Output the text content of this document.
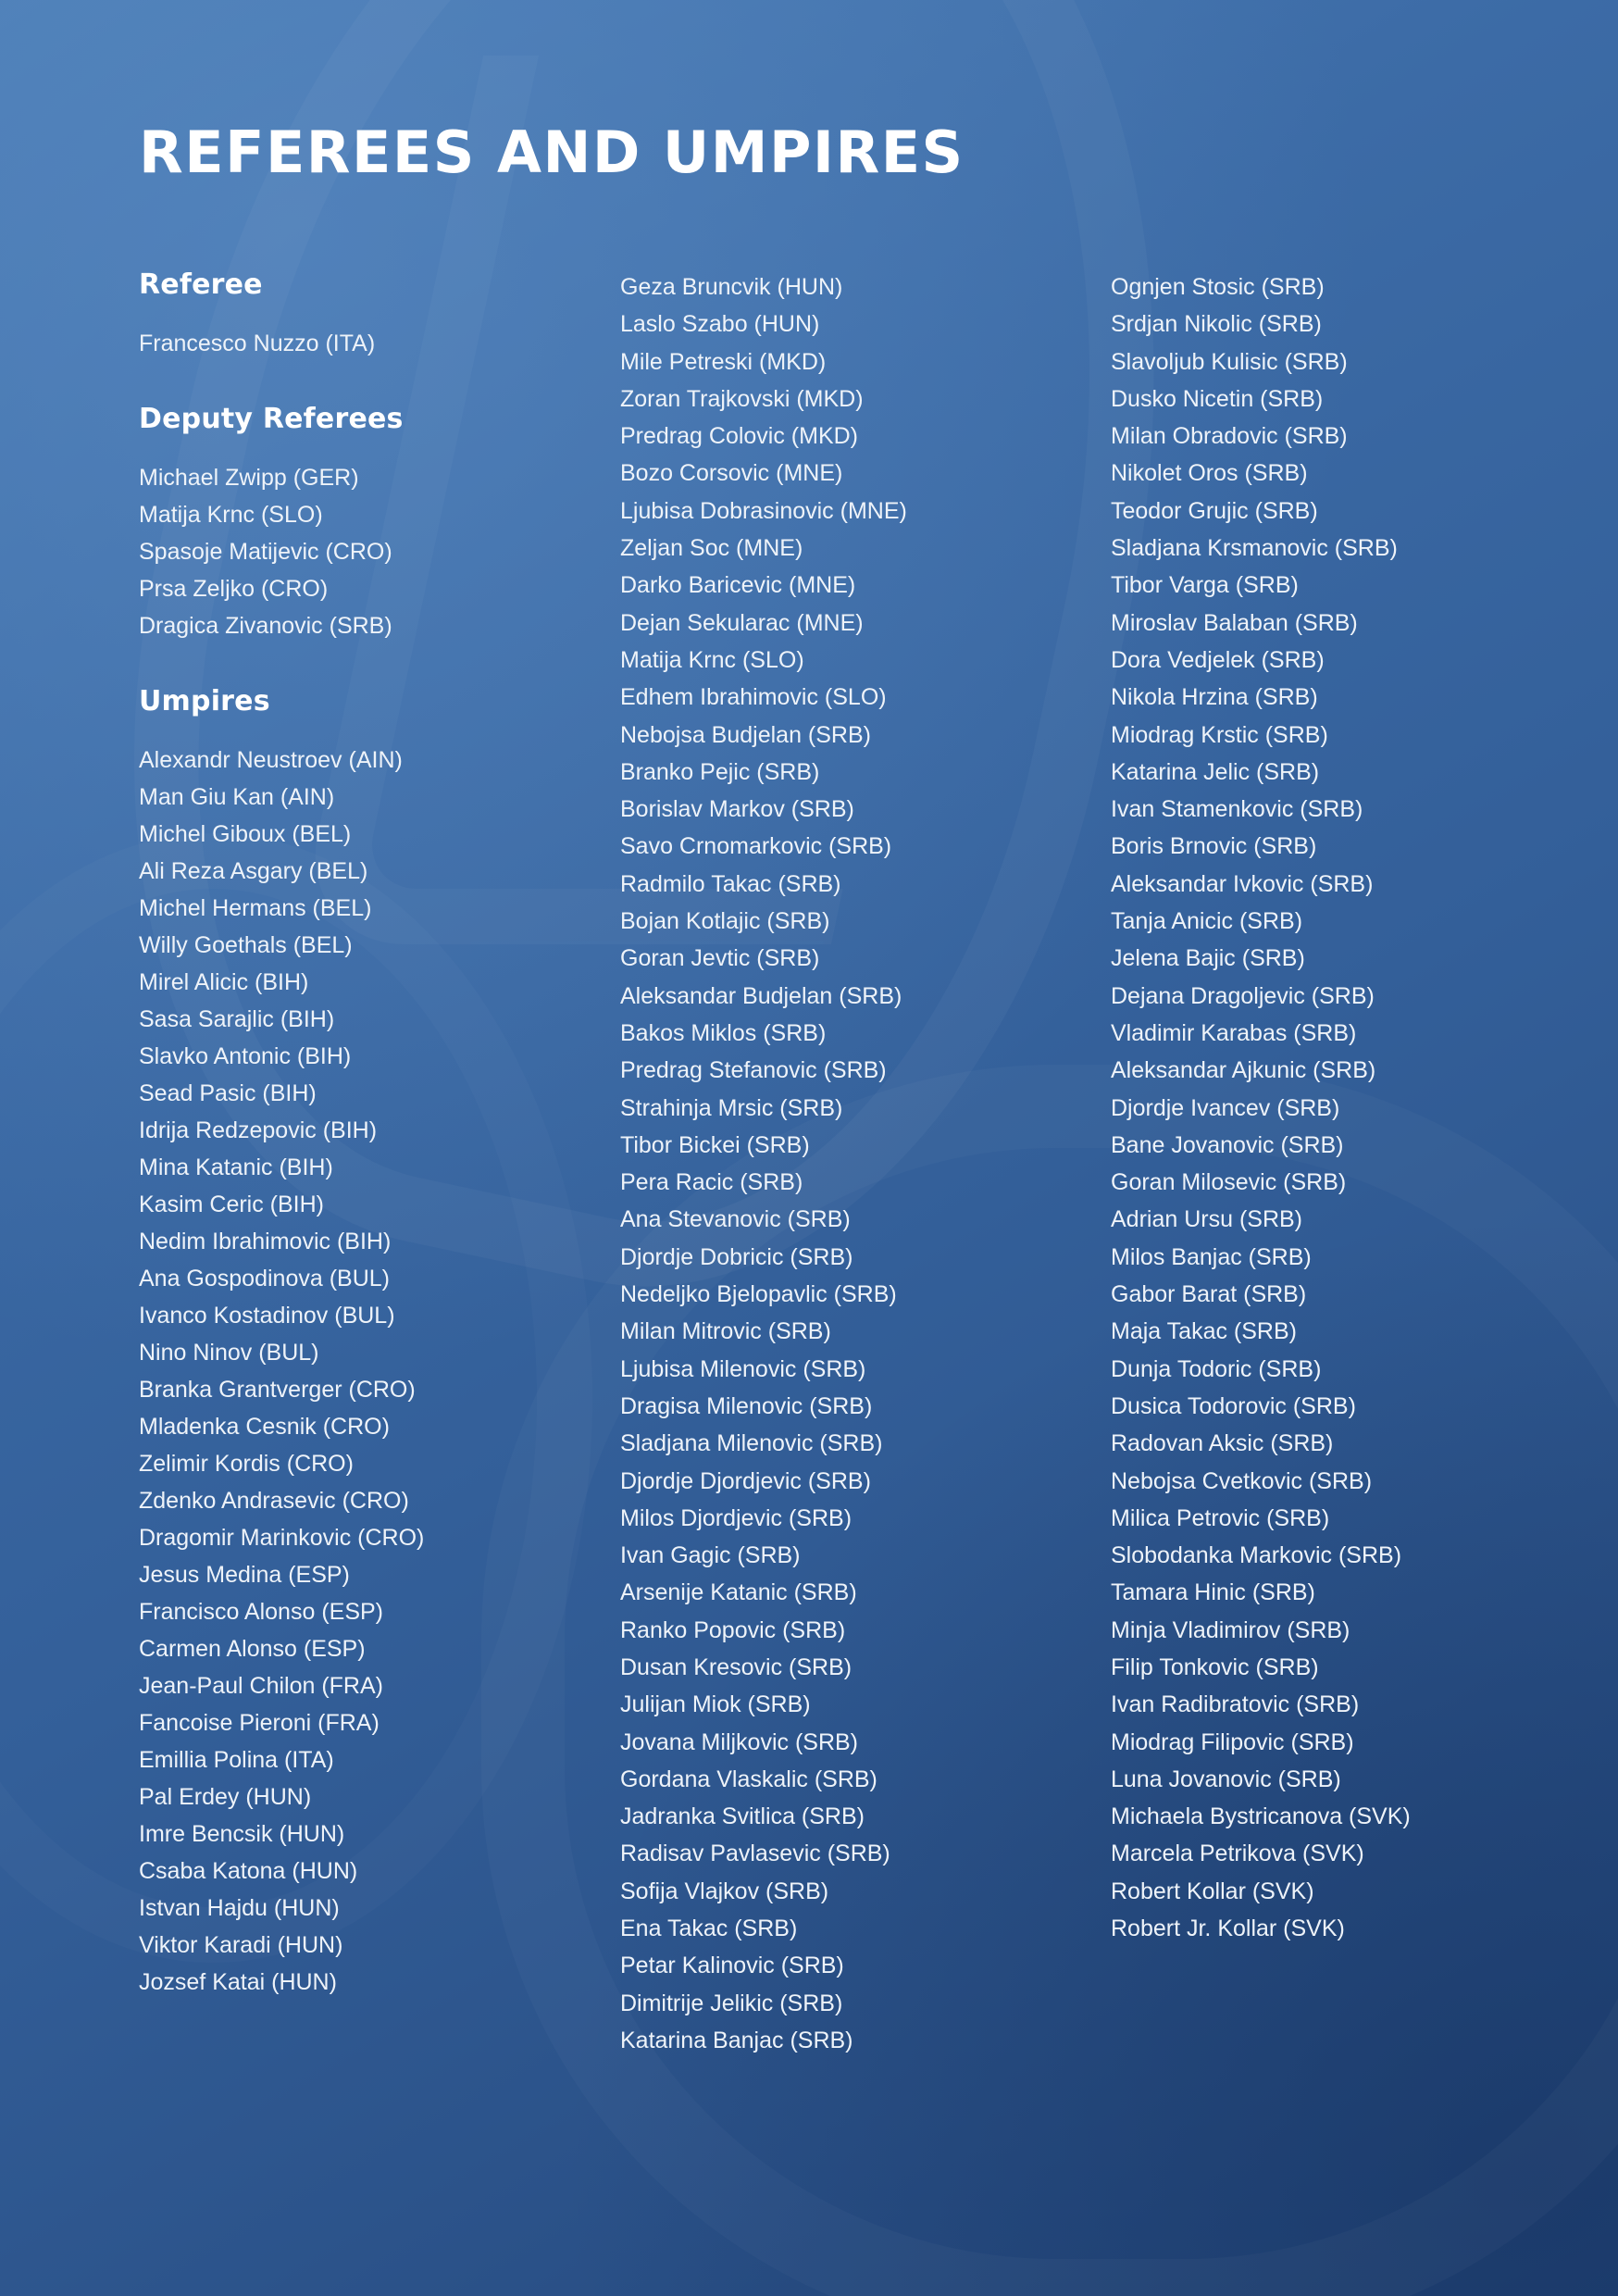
REFEREES AND UMPIRES
Referee
Francesco Nuzzo (ITA)
Deputy Referees
Michael Zwipp (GER)
Matija Krnc (SLO)
Spasoje Matijevic (CRO)
Prsa Zeljko (CRO)
Dragica Zivanovic (SRB)
Umpires
Alexandr Neustroev (AIN)
Man Giu Kan (AIN)
Michel Giboux (BEL)
Ali Reza Asgary (BEL)
Michel Hermans (BEL)
Willy Goethals (BEL)
Mirel Alicic (BIH)
Sasa Sarajlic (BIH)
Slavko Antonic (BIH)
Sead Pasic (BIH)
Idrija Redzepovic (BIH)
Mina Katanic (BIH)
Kasim Ceric (BIH)
Nedim Ibrahimovic (BIH)
Ana Gospodinova (BUL)
Ivanco Kostadinov (BUL)
Nino Ninov (BUL)
Branka Grantverger (CRO)
Mladenka Cesnik (CRO)
Zelimir Kordis (CRO)
Zdenko Andrasevic (CRO)
Dragomir Marinkovic (CRO)
Jesus Medina (ESP)
Francisco Alonso (ESP)
Carmen Alonso (ESP)
Jean-Paul Chilon (FRA)
Fancoise Pieroni (FRA)
Emillia Polina (ITA)
Pal Erdey (HUN)
Imre Bencsik (HUN)
Csaba Katona (HUN)
Istvan Hajdu (HUN)
Viktor Karadi (HUN)
Jozsef Katai (HUN)
Geza Bruncvik (HUN)
Laslo Szabo (HUN)
Mile Petreski (MKD)
Zoran Trajkovski (MKD)
Predrag Colovic (MKD)
Bozo Corsovic (MNE)
Ljubisa Dobrasinovic (MNE)
Zeljan Soc (MNE)
Darko Baricevic (MNE)
Dejan Sekularac (MNE)
Matija Krnc (SLO)
Edhem Ibrahimovic (SLO)
Nebojsa Budjelan (SRB)
Branko Pejic (SRB)
Borislav Markov (SRB)
Savo Crnomarkovic (SRB)
Radmilo Takac (SRB)
Bojan Kotlajic (SRB)
Goran Jevtic (SRB)
Aleksandar Budjelan (SRB)
Bakos Miklos (SRB)
Predrag Stefanovic (SRB)
Strahinja Mrsic (SRB)
Tibor Bickei (SRB)
Pera Racic (SRB)
Ana Stevanovic (SRB)
Djordje Dobricic (SRB)
Nedeljko Bjelopavlic (SRB)
Milan Mitrovic (SRB)
Ljubisa Milenovic (SRB)
Dragisa Milenovic (SRB)
Sladjana Milenovic (SRB)
Djordje Djordjevic (SRB)
Milos Djordjevic (SRB)
Ivan Gagic (SRB)
Arsenije Katanic (SRB)
Ranko Popovic (SRB)
Dusan Kresovic (SRB)
Julijan Miok (SRB)
Jovana Miljkovic (SRB)
Gordana Vlaskalic (SRB)
Jadranka Svitlica (SRB)
Radisav Pavlasevic (SRB)
Sofija Vlajkov (SRB)
Ena Takac (SRB)
Petar Kalinovic (SRB)
Dimitrije Jelikic (SRB)
Katarina Banjac (SRB)
Ognjen Stosic (SRB)
Srdjan Nikolic (SRB)
Slavoljub Kulisic (SRB)
Dusko Nicetin (SRB)
Milan Obradovic (SRB)
Nikolet Oros (SRB)
Teodor Grujic (SRB)
Sladjana Krsmanovic (SRB)
Tibor Varga (SRB)
Miroslav Balaban (SRB)
Dora Vedjelek (SRB)
Nikola Hrzina (SRB)
Miodrag Krstic (SRB)
Katarina Jelic (SRB)
Ivan Stamenkovic (SRB)
Boris Brnovic (SRB)
Aleksandar Ivkovic (SRB)
Tanja Anicic (SRB)
Jelena Bajic (SRB)
Dejana Dragoljevic (SRB)
Vladimir Karabas (SRB)
Aleksandar Ajkunic (SRB)
Djordje Ivancev (SRB)
Bane Jovanovic (SRB)
Goran Milosevic (SRB)
Adrian Ursu (SRB)
Milos Banjac (SRB)
Gabor Barat (SRB)
Maja Takac (SRB)
Dunja Todoric (SRB)
Dusica Todorovic (SRB)
Radovan Aksic (SRB)
Nebojsa Cvetkovic (SRB)
Milica Petrovic (SRB)
Slobodanka Markovic (SRB)
Tamara Hinic (SRB)
Minja Vladimirov (SRB)
Filip Tonkovic (SRB)
Ivan Radibratovic (SRB)
Miodrag Filipovic (SRB)
Luna Jovanovic (SRB)
Michaela Bystricanova (SVK)
Marcela Petrikova (SVK)
Robert Kollar (SVK)
Robert Jr. Kollar (SVK)
